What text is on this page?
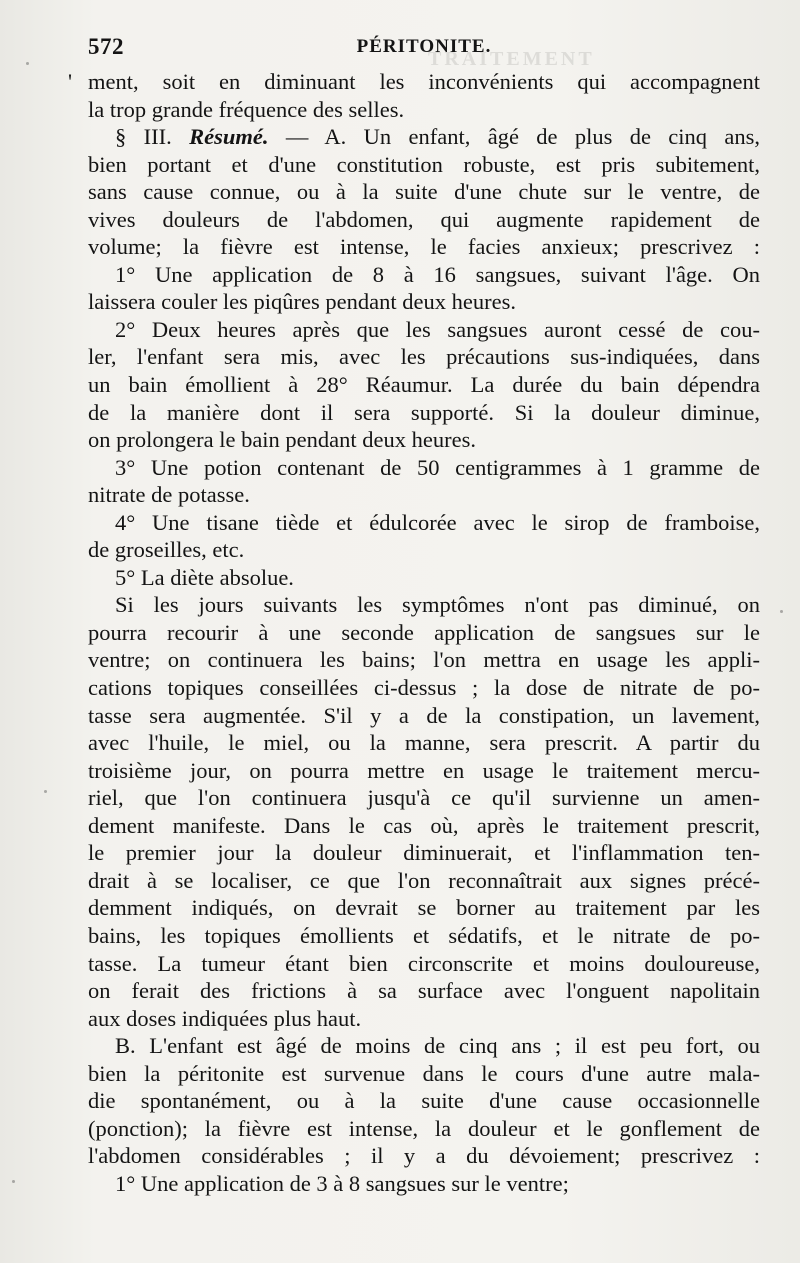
572	PÉRITONITE.
TRAITEMENT
' ment, soit en diminuant les inconvénients qui accompagnent
la trop grande fréquence des selles.
§ III. Résumé. — A. Un enfant, âgé de plus de cinq ans,
bien portant et d'une constitution robuste, est pris subitement,
sans cause connue, ou à la suite d'une chute sur le ventre, de
vives douleurs de l'abdomen, qui augmente rapidement de
volume; la fièvre est intense, le facies anxieux; prescrivez :
1° Une application de 8 à 16 sangsues, suivant l'âge. On
laissera couler les piqûres pendant deux heures.
2° Deux heures après que les sangsues auront cessé de cou-
ler, l'enfant sera mis, avec les précautions sus-indiquées, dans
un bain émollient à 28° Réaumur. La durée du bain dépendra
de la manière dont il sera supporté. Si la douleur diminue,
on prolongera le bain pendant deux heures.
3° Une potion contenant de 50 centigrammes à 1 gramme de
nitrate de potasse.
4° Une tisane tiède et édulcorée avec le sirop de framboise,
de groseilles, etc.
5° La diète absolue.
Si les jours suivants les symptômes n'ont pas diminué, on
pourra recourir à une seconde application de sangsues sur le
ventre; on continuera les bains; l'on mettra en usage les appli-
cations topiques conseillées ci-dessus ; la dose de nitrate de po-
tasse sera augmentée. S'il y a de la constipation, un lavement,
avec l'huile, le miel, ou la manne, sera prescrit. A partir du
troisième jour, on pourra mettre en usage le traitement mercu-
riel, que l'on continuera jusqu'à ce qu'il survienne un amen-
dement manifeste. Dans le cas où, après le traitement prescrit,
le premier jour la douleur diminuerait, et l'inflammation ten-
drait à se localiser, ce que l'on reconnaîtrait aux signes précé-
demment indiqués, on devrait se borner au traitement par les
bains, les topiques émollients et sédatifs, et le nitrate de po-
tasse. La tumeur étant bien circonscrite et moins douloureuse,
on ferait des frictions à sa surface avec l'onguent napolitain
aux doses indiquées plus haut.
B. L'enfant est âgé de moins de cinq ans ; il est peu fort, ou
bien la péritonite est survenue dans le cours d'une autre mala-
die spontanément, ou à la suite d'une cause occasionnelle
(ponction); la fièvre est intense, la douleur et le gonflement de
l'abdomen considérables ; il y a du dévoiement; prescrivez :
1° Une application de 3 à 8 sangsues sur le ventre;
